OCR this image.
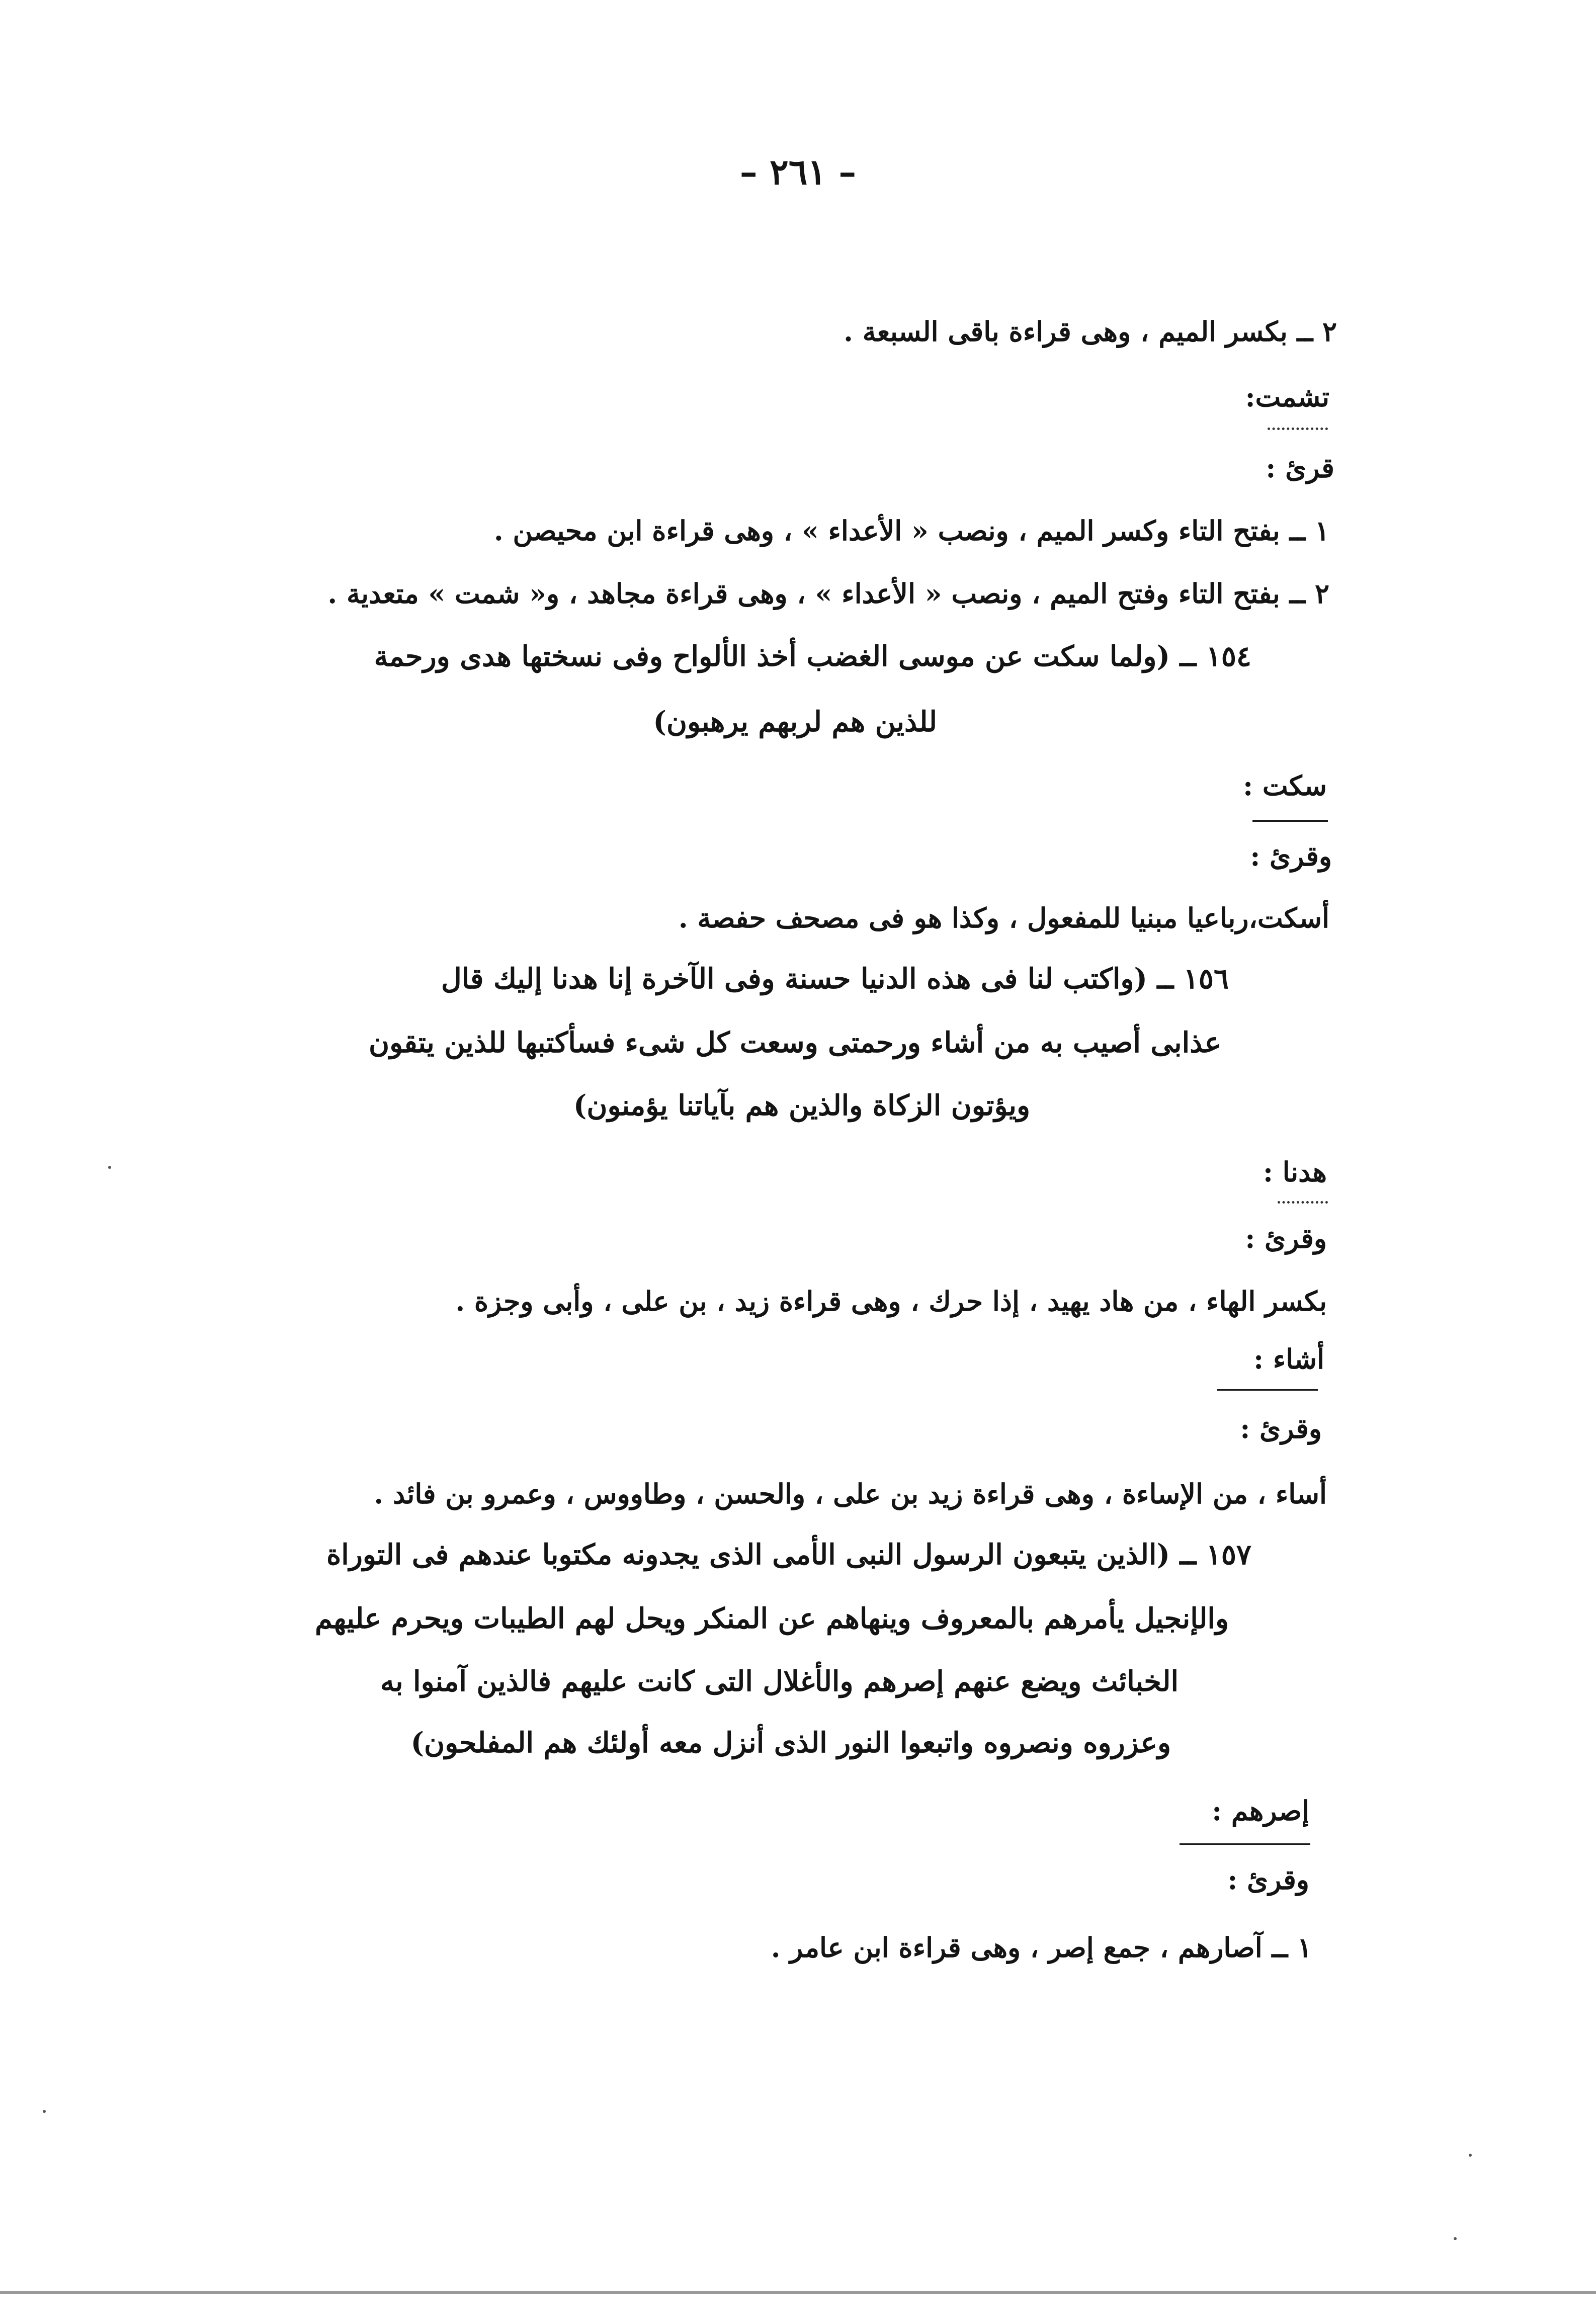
– ٢٦١ –
٢ ــ بكسر الميم ، وهى قراءة باقى السبعة .
تشمت:
قرئ :
١ ــ بفتح التاء وكسر الميم ، ونصب « الأعداء » ، وهى قراءة ابن محيصن .
٢ ــ بفتح التاء وفتح الميم ، ونصب « الأعداء » ، وهى قراءة مجاهد ، و« شمت » متعدية .
١٥٤ ــ (ولما سكت عن موسى الغضب أخذ الألواح وفى نسختها هدى ورحمة
للذين هم لربهم يرهبون)
سكت :
وقرئ :
أسكت،رباعيا مبنيا للمفعول ، وكذا هو فى مصحف حفصة .
١٥٦ ــ (واكتب لنا فى هذه الدنيا حسنة وفى الآخرة إنا هدنا إليك قال
عذابى أصيب به من أشاء ورحمتى وسعت كل شىء فسأكتبها للذين يتقون
ويؤتون الزكاة والذين هم بآياتنا يؤمنون)
هدنا :
وقرئ :
بكسر الهاء ، من هاد يهيد ، إذا حرك ، وهى قراءة زيد ، بن على ، وأبى وجزة .
أشاء :
وقرئ :
أساء ، من الإساءة ، وهى قراءة زيد بن على ، والحسن ، وطاووس ، وعمرو بن فائد .
١٥٧ ــ (الذين يتبعون الرسول النبى الأمى الذى يجدونه مكتوبا عندهم فى التوراة
والإنجيل يأمرهم بالمعروف وينهاهم عن المنكر ويحل لهم الطيبات ويحرم عليهم
الخبائث ويضع عنهم إصرهم والأغلال التى كانت عليهم فالذين آمنوا به
وعزروه ونصروه واتبعوا النور الذى أنزل معه أولئك هم المفلحون)
إصرهم :
وقرئ :
١ ــ آصارهم ، جمع إصر ، وهى قراءة ابن عامر .
